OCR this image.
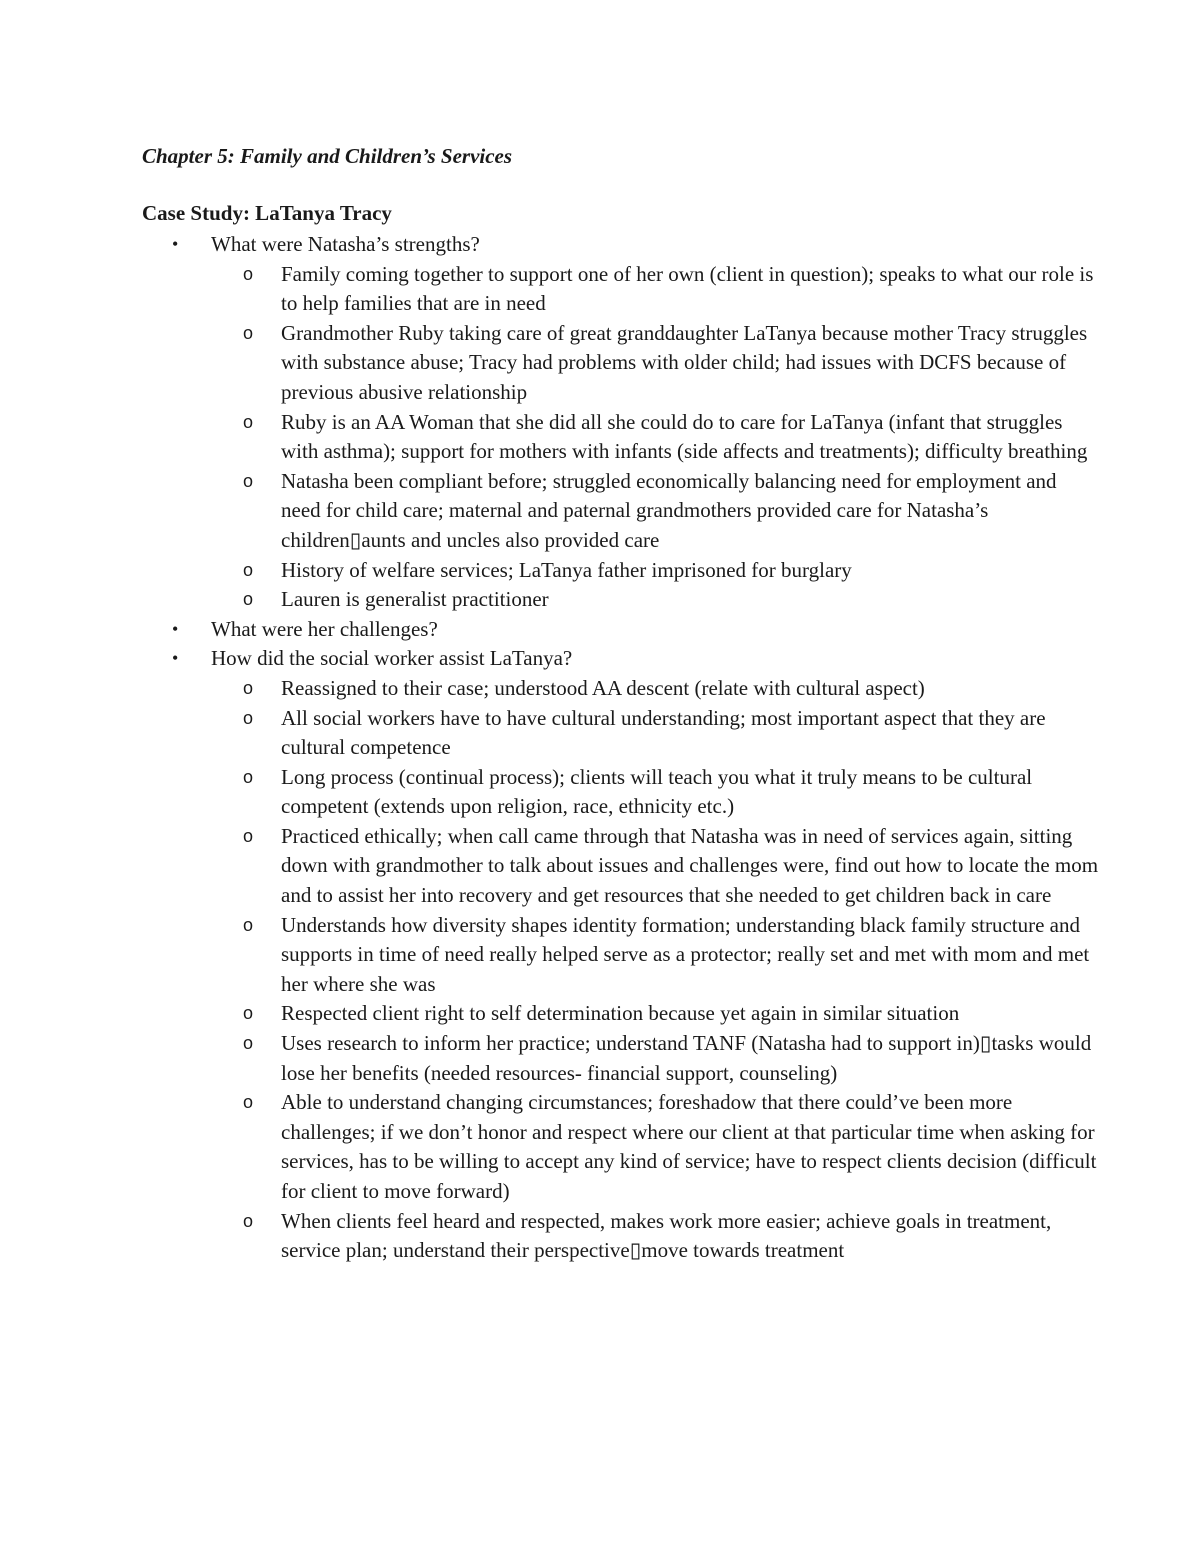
Chapter 5: Family and Children’s Services

Case Study: LaTanya Tracy

• What were Natasha’s strengths?
o Family coming together to support one of her own (client in question); speaks to what our role is to help families that are in need
o Grandmother Ruby taking care of great granddaughter LaTanya because mother Tracy struggles with substance abuse; Tracy had problems with older child; had issues with DCFS because of previous abusive relationship
o Ruby is an AA Woman that she did all she could do to care for LaTanya (infant that struggles with asthma); support for mothers with infants (side affects and treatments); difficulty breathing
o Natasha been compliant before; struggled economically balancing need for employment and need for child care; maternal and paternal grandmothers provided care for Natasha’s children▯aunts and uncles also provided care
o History of welfare services; LaTanya father imprisoned for burglary
o Lauren is generalist practitioner
• What were her challenges?
• How did the social worker assist LaTanya?
o Reassigned to their case; understood AA descent (relate with cultural aspect)
o All social workers have to have cultural understanding; most important aspect that they are cultural competence
o Long process (continual process); clients will teach you what it truly means to be cultural competent (extends upon religion, race, ethnicity etc.)
o Practiced ethically; when call came through that Natasha was in need of services again, sitting down with grandmother to talk about issues and challenges were, find out how to locate the mom and to assist her into recovery and get resources that she needed to get children back in care
o Understands how diversity shapes identity formation; understanding black family structure and supports in time of need really helped serve as a protector; really set and met with mom and met her where she was
o Respected client right to self determination because yet again in similar situation
o Uses research to inform her practice; understand TANF (Natasha had to support in)▯tasks would lose her benefits (needed resources- financial support, counseling)
o Able to understand changing circumstances; foreshadow that there could’ve been more challenges; if we don’t honor and respect where our client at that particular time when asking for services, has to be willing to accept any kind of service; have to respect clients decision (difficult for client to move forward)
o When clients feel heard and respected, makes work more easier; achieve goals in treatment, service plan; understand their perspective▯move towards treatment
